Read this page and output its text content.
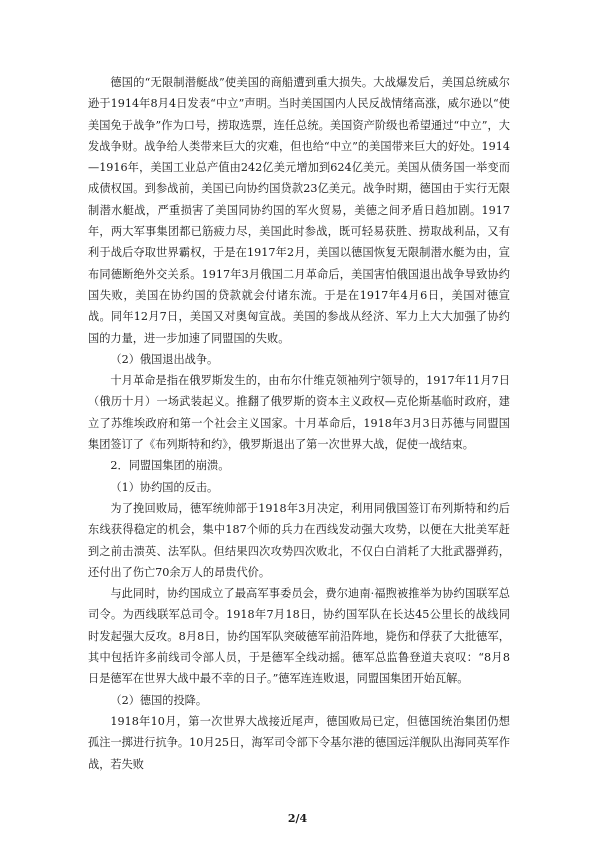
德国的“无限制潜艇战”使美国的商船遭到重大损失。大战爆发后，美国总统威尔逊于1914年8月4日发表“中立”声明。当时美国国内人民反战情绪高涨，威尔逊以“使美国免于战争”作为口号，捞取选票，连任总统。美国资产阶级也希望通过“中立”，大发战争财。战争给人类带来巨大的灾难，但也给“中立”的美国带来巨大的好处。1914—1916年，美国工业总产值由242亿美元增加到624亿美元。美国从债务国一举变而成债权国。到参战前，美国已向协约国贷款23亿美元。战争时期，德国由于实行无限制潜水艇战，严重损害了美国同协约国的军火贸易，美德之间矛盾日趋加剧。1917年，两大军事集团都已筋疲力尽，美国此时参战，既可轻易获胜、捞取战利品，又有利于战后夺取世界霸权，于是在1917年2月，美国以德国恢复无限制潜水艇为由，宣布同德断绝外交关系。1917年3月俄国二月革命后，美国害怕俄国退出战争导致协约国失败，美国在协约国的贷款就会付诸东流。于是在1917年4月6日，美国对德宣战。同年12月7日，美国又对奥匈宣战。美国的参战从经济、军力上大大加强了协约国的力量，进一步加速了同盟国的失败。

（2）俄国退出战争。

十月革命是指在俄罗斯发生的，由布尔什维克领袖列宁领导的，1917年11月7日（俄历十月）一场武装起义。推翻了俄罗斯的资本主义政权—克伦斯基临时政府，建立了苏维埃政府和第一个社会主义国家。十月革命后，1918年3月3日苏德与同盟国集团签订了《布列斯特和约》，俄罗斯退出了第一次世界大战，促使一战结束。

2．同盟国集团的崩溃。

（1）协约国的反击。

为了挽回败局，德军统帅部于1918年3月决定，利用同俄国签订布列斯特和约后东线获得稳定的机会，集中187个师的兵力在西线发动强大攻势，以便在大批美军赶到之前击溃英、法军队。但结果四次攻势四次败北，不仅白白消耗了大批武器弹药，还付出了伤亡70余万人的昂贵代价。

与此同时，协约国成立了最高军事委员会，费尔迪南·福煦被推举为协约国联军总司令。为西线联军总司令。1918年7月18日，协约国军队在长达45公里长的战线同时发起强大反攻。8月8日，协约国军队突破德军前沿阵地，毙伤和俘获了大批德军，其中包括许多前线司令部人员，于是德军全线动摇。德军总监鲁登道夫哀叹：“8月8日是德军在世界大战中最不幸的日子。”德军连连败退，同盟国集团开始瓦解。

（2）德国的投降。

1918年10月，第一次世界大战接近尾声，德国败局已定，但德国统治集团仍想孤注一掷进行抗争。10月25日，海军司令部下令基尔港的德国远洋舰队出海同英军作战，若失败

2/4
